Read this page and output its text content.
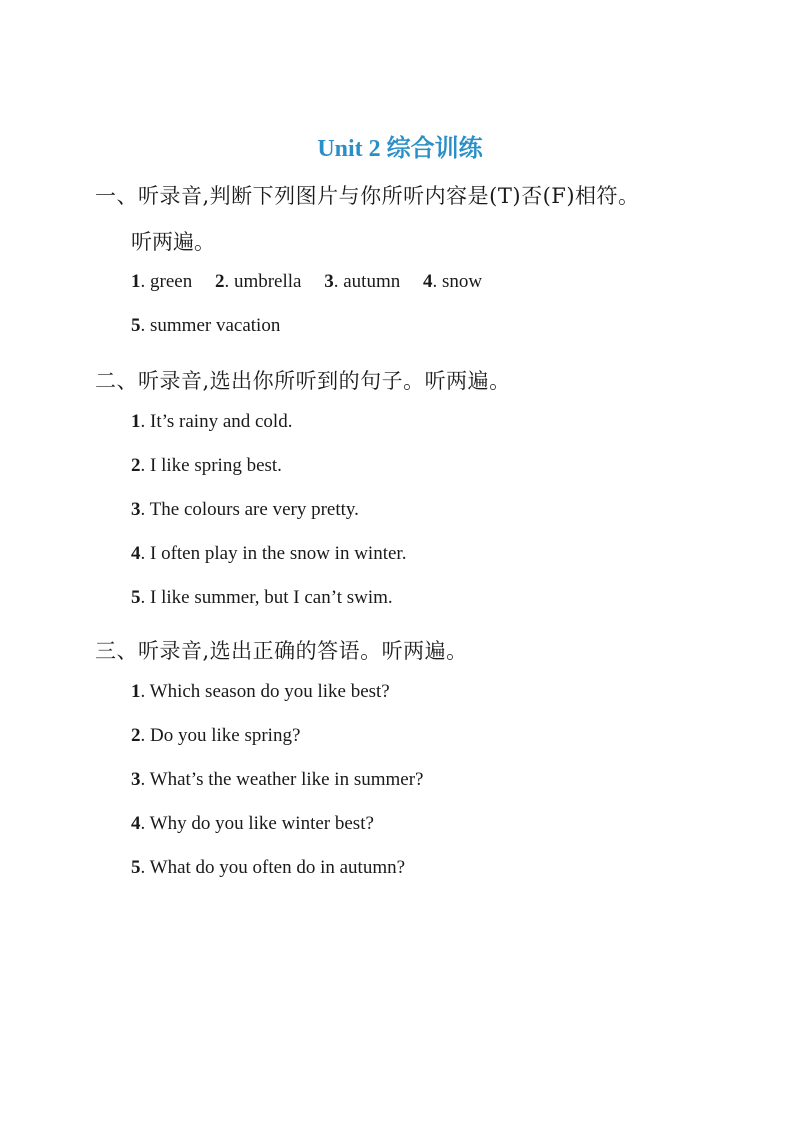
Unit 2 综合训练
一、听录音,判断下列图片与你所听内容是(T)否(F)相符。
听两遍。
1. green 2. umbrella 3. autumn 4. snow
5. summer vacation
二、听录音,选出你所听到的句子。听两遍。
1. It’s rainy and cold.
2. I like spring best.
3. The colours are very pretty.
4. I often play in the snow in winter.
5. I like summer, but I can’t swim.
三、听录音,选出正确的答语。听两遍。
1. Which season do you like best?
2. Do you like spring?
3. What’s the weather like in summer?
4. Why do you like winter best?
5. What do you often do in autumn?
